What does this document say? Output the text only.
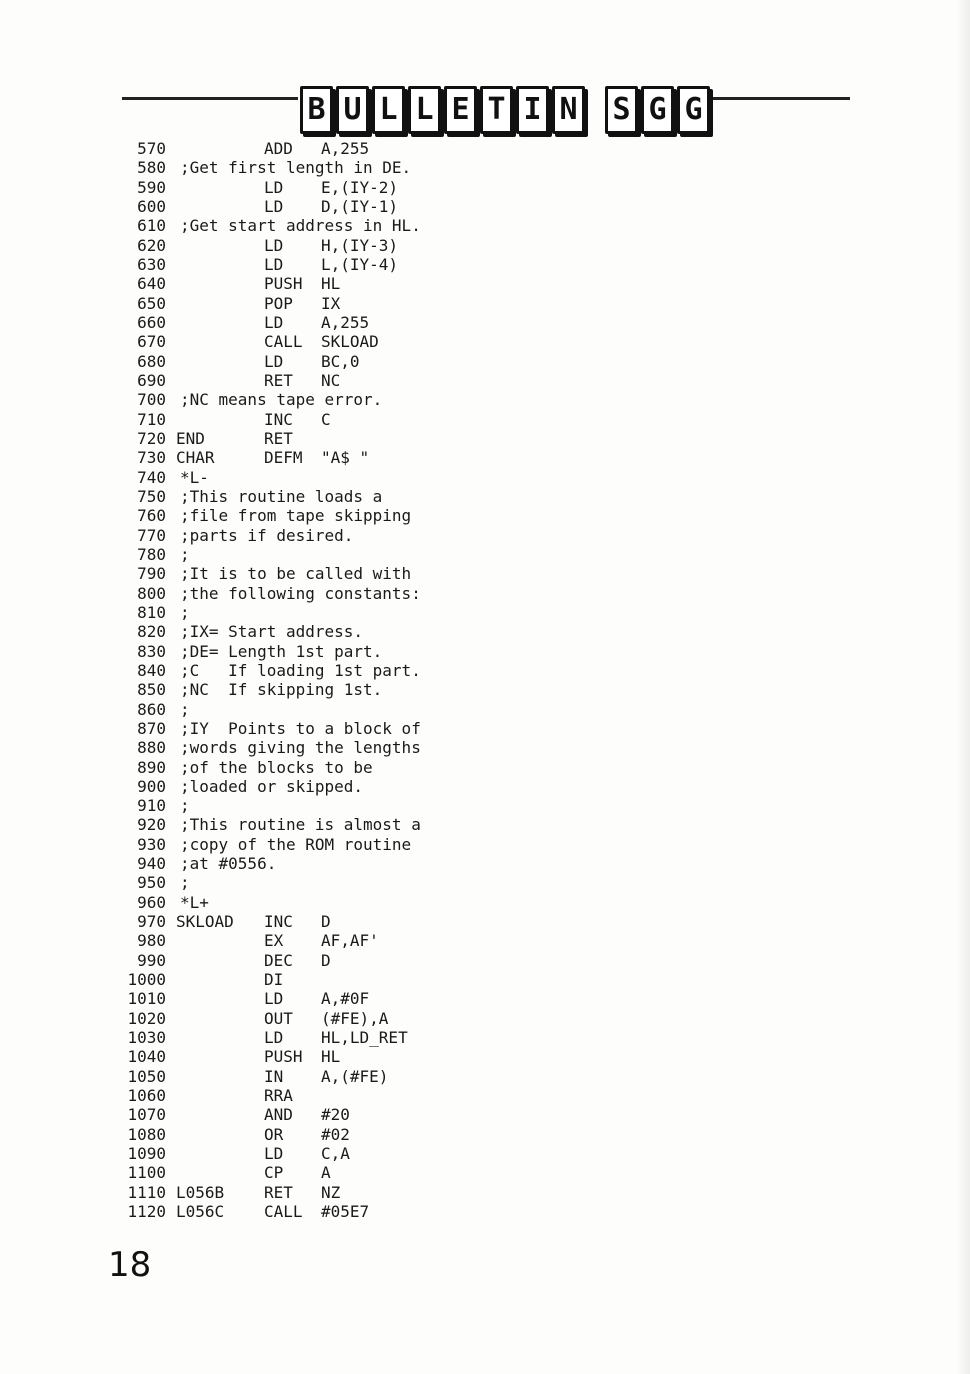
B U L L E T I N S G G
570	ADD A,255
580 ;Get first length in DE.
590	LD E,(IY-2)
600	LD D,(IY-1)
610 ;Get start address in HL.
620	LD H,(IY-3)
630	LD L,(IY-4)
640	PUSH HL
650	POP IX
660	LD A,255
670	CALL SKLOAD
680	LD BC,0
690	RET NC
700 ;NC means tape error.
710	INC C
720 END	RET
730 CHAR	DEFM "A$ "
740 *L-
750 ;This routine loads a
760 ;file from tape skipping
770 ;parts if desired.
780 ;
790 ;It is to be called with
800 ;the following constants:
810 ;
820 ;IX= Start address.
830 ;DE= Length 1st part.
840 ;C   If loading 1st part.
850 ;NC  If skipping 1st.
860 ;
870 ;IY  Points to a block of
880 ;words giving the lengths
890 ;of the blocks to be
900 ;loaded or skipped.
910 ;
920 ;This routine is almost a
930 ;copy of the ROM routine
940 ;at #0556.
950 ;
960 *L+
970 SKLOAD INC D
980	EX AF,AF'
990	DEC D
1000	DI
1010	LD A,#0F
1020	OUT (#FE),A
1030	LD HL,LD_RET
1040	PUSH HL
1050	IN A,(#FE)
1060	RRA
1070	AND #20
1080	OR #02
1090	LD C,A
1100	CP A
1110 L056B RET NZ
1120 L056C CALL #05E7
18
